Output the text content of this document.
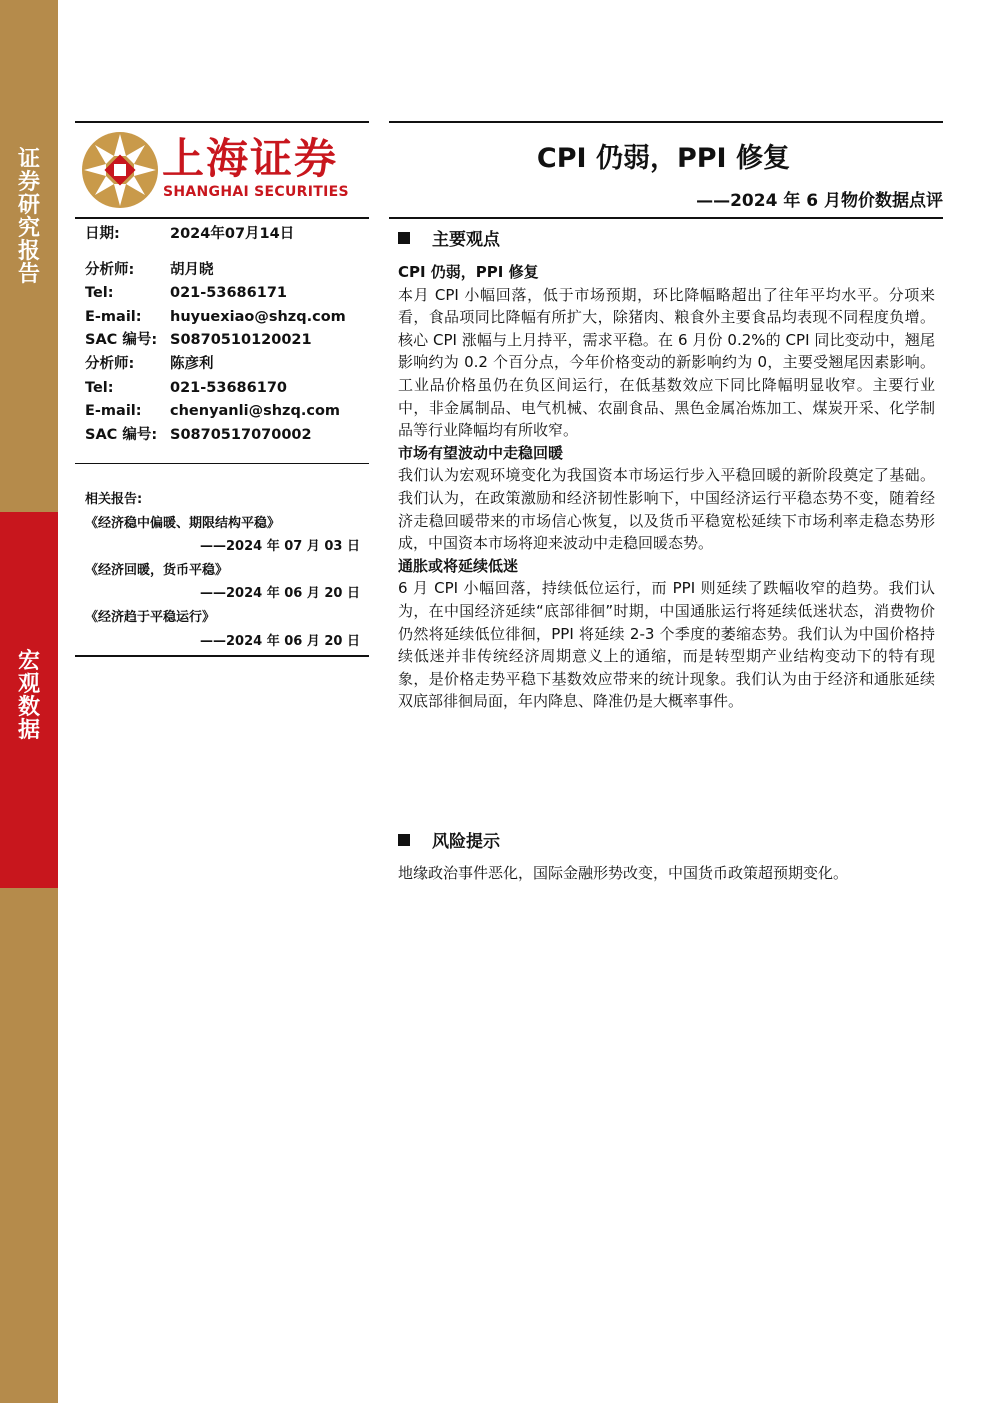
证
券
研
究
报
告
宏
观
数
据
上海证券
SHANGHAI SECURITIES
CPI 仍弱，PPI 修复
——2024 年 6 月物价数据点评
日期:	2024年07月14日
分析师:	胡月晓
Tel:	021-53686171
E-mail:	huyuexiao@shzq.com
SAC 编号: S0870510120021
分析师:	陈彦利
Tel:	021-53686170
E-mail:	chenyanli@shzq.com
SAC 编号: S0870517070002
相关报告:
《经济稳中偏暖、期限结构平稳》
——2024 年 07 月 03 日
《经济回暖，货币平稳》
——2024 年 06 月 20 日
《经济趋于平稳运行》
——2024 年 06 月 20 日
主要观点

CPI 仍弱，PPI 修复

本月 CPI 小幅回落，低于市场预期，环比降幅略超出了往年平均水平。分项来看，食品项同比降幅有所扩大，除猪肉、粮食外主要食品均表现不同程度负增。核心 CPI 涨幅与上月持平，需求平稳。在 6 月份 0.2%的 CPI 同比变动中，翘尾影响约为 0.2 个百分点，今年价格变动的新影响约为 0，主要受翘尾因素影响。工业品价格虽仍在负区间运行，在低基数效应下同比降幅明显收窄。主要行业中，非金属制品、电气机械、农副食品、黑色金属冶炼加工、煤炭开采、化学制品等行业降幅均有所收窄。

市场有望波动中走稳回暖

我们认为宏观环境变化为我国资本市场运行步入平稳回暖的新阶段奠定了基础。我们认为，在政策激励和经济韧性影响下，中国经济运行平稳态势不变，随着经济走稳回暖带来的市场信心恢复，以及货币平稳宽松延续下市场利率走稳态势形成，中国资本市场将迎来波动中走稳回暖态势。

通胀或将延续低迷

6 月 CPI 小幅回落，持续低位运行，而 PPI 则延续了跌幅收窄的趋势。我们认为，在中国经济延续“底部徘徊”时期，中国通胀运行将延续低迷状态，消费物价仍然将延续低位徘徊，PPI 将延续 2-3 个季度的萎缩态势。我们认为中国价格持续低迷并非传统经济周期意义上的通缩，而是转型期产业结构变动下的特有现象，是价格走势平稳下基数效应带来的统计现象。我们认为由于经济和通胀延续双底部徘徊局面，年内降息、降准仍是大概率事件。

风险提示
地缘政治事件恶化，国际金融形势改变，中国货币政策超预期变化。
